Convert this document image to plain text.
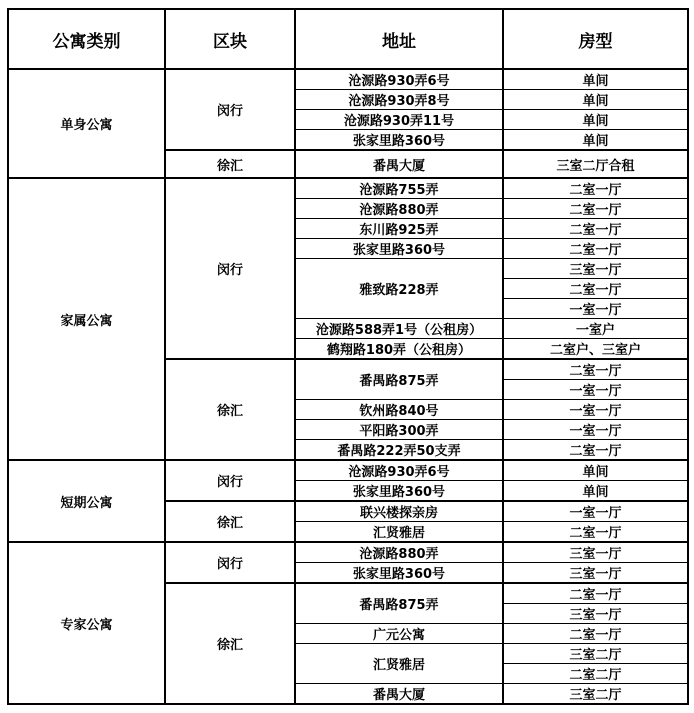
公寓类别	区块	地址	房型
单身公寓	闵行	沧源路930弄6号	单间
		沧源路930弄8号	单间
		沧源路930弄11号	单间
		张家里路360号	单间
	徐汇	番禺大厦	三室二厅合租
家属公寓	闵行	沧源路755弄	二室一厅
		沧源路880弄	二室一厅
		东川路925弄	二室一厅
		张家里路360号	二室一厅
		雅致路228弄	三室一厅
			二室一厅
			一室一厅
		沧源路588弄1号（公租房）	一室户
		鹤翔路180弄（公租房）	二室户、三室户
	徐汇	番禺路875弄	二室一厅
			一室一厅
		钦州路840号	一室一厅
		平阳路300弄	一室一厅
		番禺路222弄50支弄	二室一厅
短期公寓	闵行	沧源路930弄6号	单间
		张家里路360号	单间
	徐汇	联兴楼探亲房	一室一厅
		汇贤雅居	二室一厅
专家公寓	闵行	沧源路880弄	三室一厅
		张家里路360号	三室一厅
	徐汇	番禺路875弄	二室一厅
			三室一厅
		广元公寓	二室一厅
		汇贤雅居	三室二厅
			二室二厅
		番禺大厦	三室二厅
